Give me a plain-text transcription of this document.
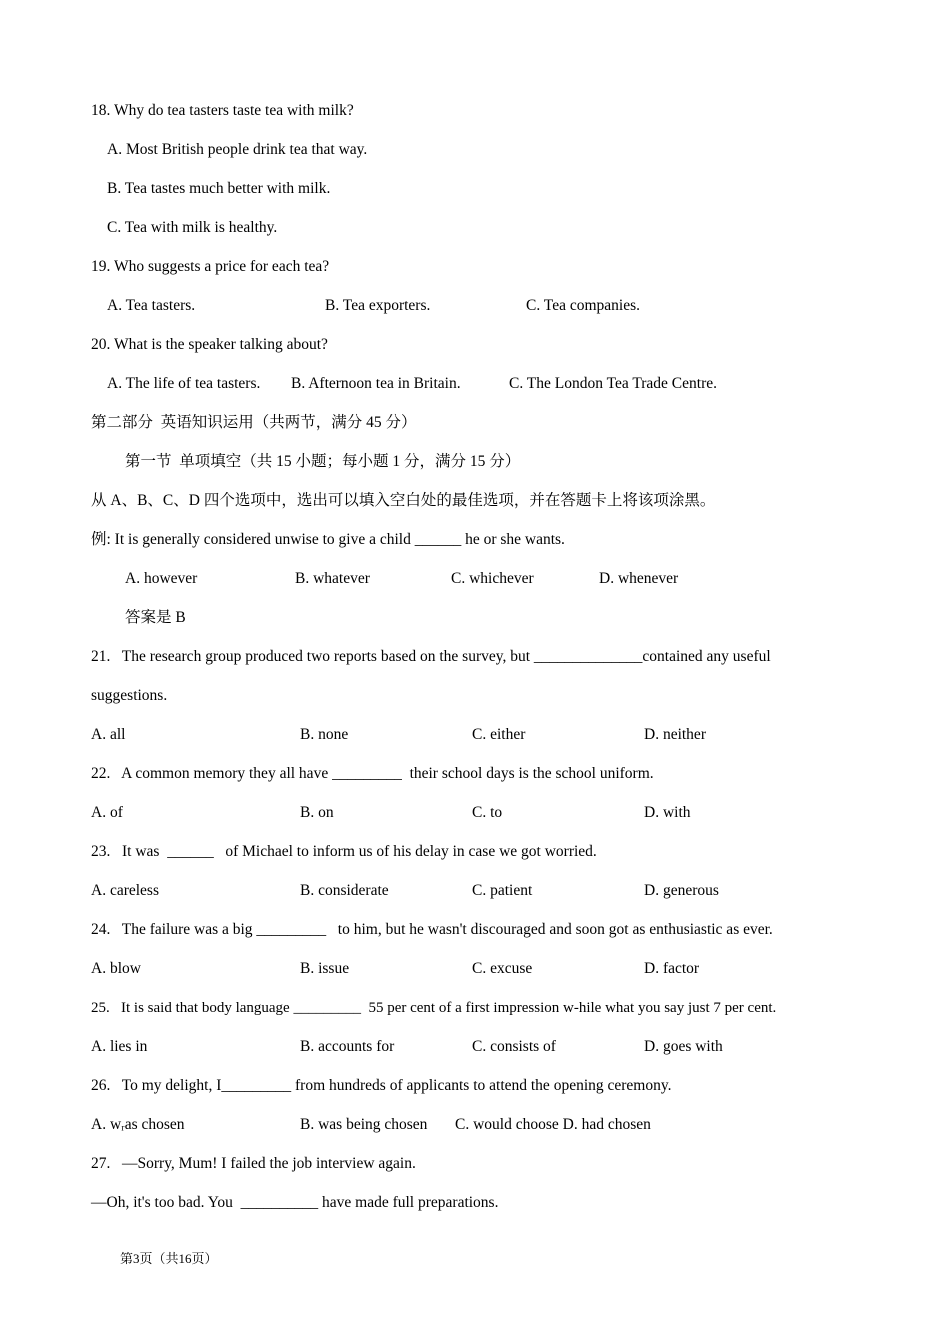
18. Why do tea tasters taste tea with milk?
A. Most British people drink tea that way.
B. Tea tastes much better with milk.
C. Tea with milk is healthy.
19. Who suggests a price for each tea?
A. Tea tasters.	B. Tea exporters.	C. Tea companies.
20. What is the speaker talking about?
A. The life of tea tasters. B. Afternoon tea in Britain.	C. The London Tea Trade Centre.
第二部分  英语知识运用（共两节，满分 45 分）
第一节  单项填空（共 15 小题；每小题 1 分，满分 15 分）
从 A、B、C、D 四个选项中，选出可以填入空白处的最佳选项，并在答题卡上将该项涂黑。
例: It is generally considered unwise to give a child ______ he or she wants.
A. however	B. whatever	C. whichever	D. whenever
答案是 B
21.   The research group produced two reports based on the survey, but ______________contained any useful
suggestions.
A. all	B. none	C. either	D. neither
22.   A common memory they all have _________  their school days is the school uniform.
A. of	B. on	C. to	D. with
23.   It was  ______   of Michael to inform us of his delay in case we got worried.
A. careless	B. considerate	C. patient	D. generous
24.   The failure was a big _________   to him, but he wasn't discouraged and soon got as enthusiastic as ever.
A. blow	B. issue	C. excuse	D. factor
25.   It is said that body language _________  55 per cent of a first impression w-hile what you say just 7 per cent.
A. lies in	B. accounts for	C. consists of	D. goes with
26.   To my delight, I_________ from hundreds of applicants to attend the opening ceremony.
A. wᵣas chosen	B. was being chosen C. would choose D. had chosen
27.   —Sorry, Mum! I failed the job interview again.
—Oh, it's too bad. You  __________ have made full preparations.
第3页（共16页）
